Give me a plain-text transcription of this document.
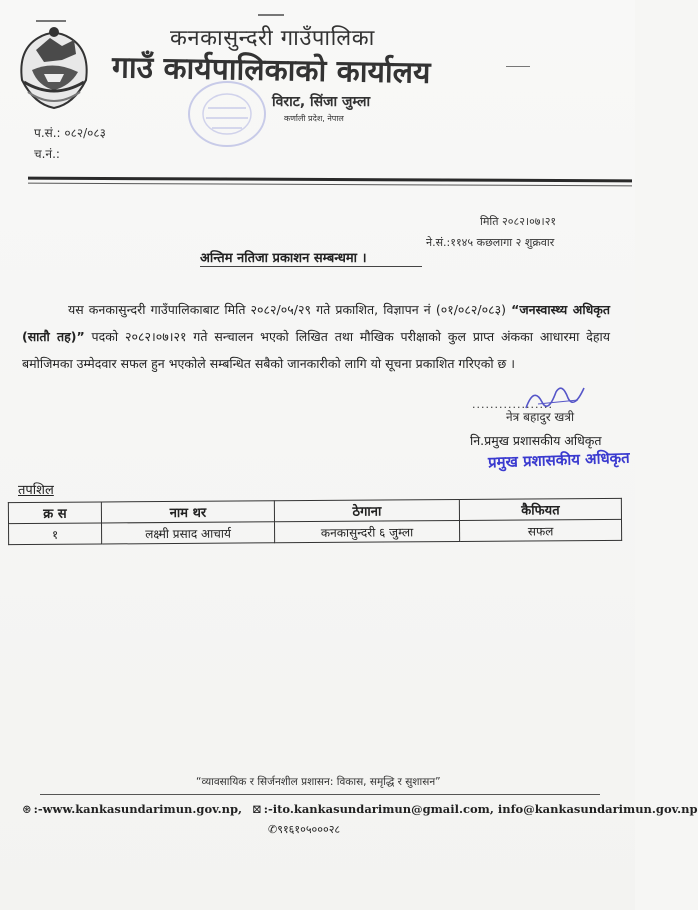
कनकासुन्दरी गाउँपालिका
गाउँ कार्यपालिकाको कार्यालय
विराट, सिंजा जुम्ला
कर्णाली प्रदेश, नेपाल
प.सं.: ०८२/०८३
च.नं.:
मिति २०८२।०७।२१
ने.सं.:११४५ कछलागा २ शुक्रवार
अन्तिम नतिजा प्रकाशन सम्बन्धमा ।
यस कनकासुन्दरी गाउँपालिकाबाट मिति २०८२/०५/२९ गते प्रकाशित, विज्ञापन नं (०१/०८२/०८३) “जनस्वास्थ्य अधिकृत (सातौ तह)” पदको २०८२।०७।२१ गते सन्चालन भएको लिखित तथा मौखिक परीक्षाको कुल प्राप्त अंकका आधारमा देहाय बमोजिमका उम्मेदवार सफल हुन भएकोले सम्बन्धित सबैको जानकारीको लागि यो सूचना प्रकाशित गरिएको छ ।
..................
नेत्र बहादुर खत्री
नि.प्रमुख प्रशासकीय अधिकृत
प्रमुख प्रशासकीय अधिकृत
तपशिल
क्र स	नाम थर	ठेगाना	कैफियत
१	लक्ष्मी प्रसाद आचार्य	कनकासुन्दरी ६ जुम्ला	सफल
“व्यावसायिक र सिर्जनशील प्रशासन: विकास, समृद्धि र सुशासन”
⊛ :-www.kankasundarimun.gov.np, ⊠ :-ito.kankasundarimun@gmail.com, info@kankasundarimun.gov.np
✆९१६१०५०००२८
